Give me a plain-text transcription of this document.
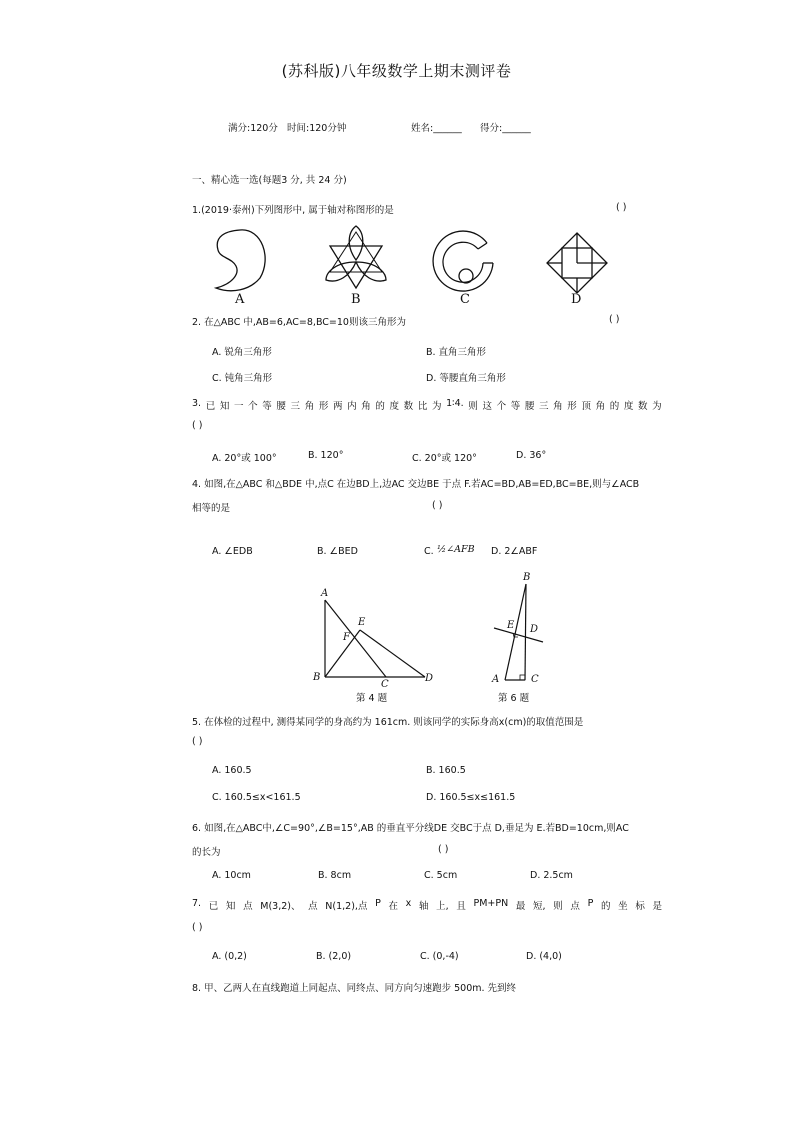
(苏科版)八年级数学上期末测评卷
满分:120分 时间:120分钟	姓名:______ 得分:______
一、精心选一选(每题3 分, 共 24 分)
1.(2019·泰州)下列图形中, 属于轴对称图形的是	( )
A	B	C	D
2. 在△ABC 中,AB=6,AC=8,BC=10则该三角形为	( )
A. 锐角三角形	B. 直角三角形
C. 钝角三角形	D. 等腰直角三角形
3. 已 知 一 个 等 腰 三 角 形 两 内 角 的 度 数 比 为 1∶4. 则 这 个 等 腰 三 角 形 顶 角 的 度 数 为
( )
A. 20°或 100°	B. 120°	C. 20°或 120°	D. 36°
4. 如图,在△ABC 和△BDE 中,点C 在边BD上,边AC 交边BE 于点 F.若AC=BD,AB=ED,BC=BE,则与∠ACB
相等的是	( )
A. ∠EDB	B. ∠BED	C. ½∠AFB D. 2∠ABF
A
E
F
B
C
D
第 4 题
B
E D
A	C
第 6 题
5. 在体检的过程中, 测得某同学的身高约为 161cm. 则该同学的实际身高x(cm)的取值范围是
( )
A. 160.5	B. 160.5
C. 160.5≤x<161.5	D. 160.5≤x≤161.5
6. 如图,在△ABC中,∠C=90°,∠B=15°,AB 的垂直平分线DE 交BC于点 D,垂足为 E.若BD=10cm,则AC
的长为	( )
A. 10cm	B. 8cm	C. 5cm	D. 2.5cm
7. 已 知 点 M(3,2)、 点 N(1,2),点 P 在 x 轴 上, 且 PM+PN 最 短, 则 点 P 的 坐 标 是
( )
A. (0,2)	B. (2,0)	C. (0,-4)	D. (4,0)
8. 甲、乙两人在直线跑道上同起点、同终点、同方向匀速跑步 500m. 先到终
